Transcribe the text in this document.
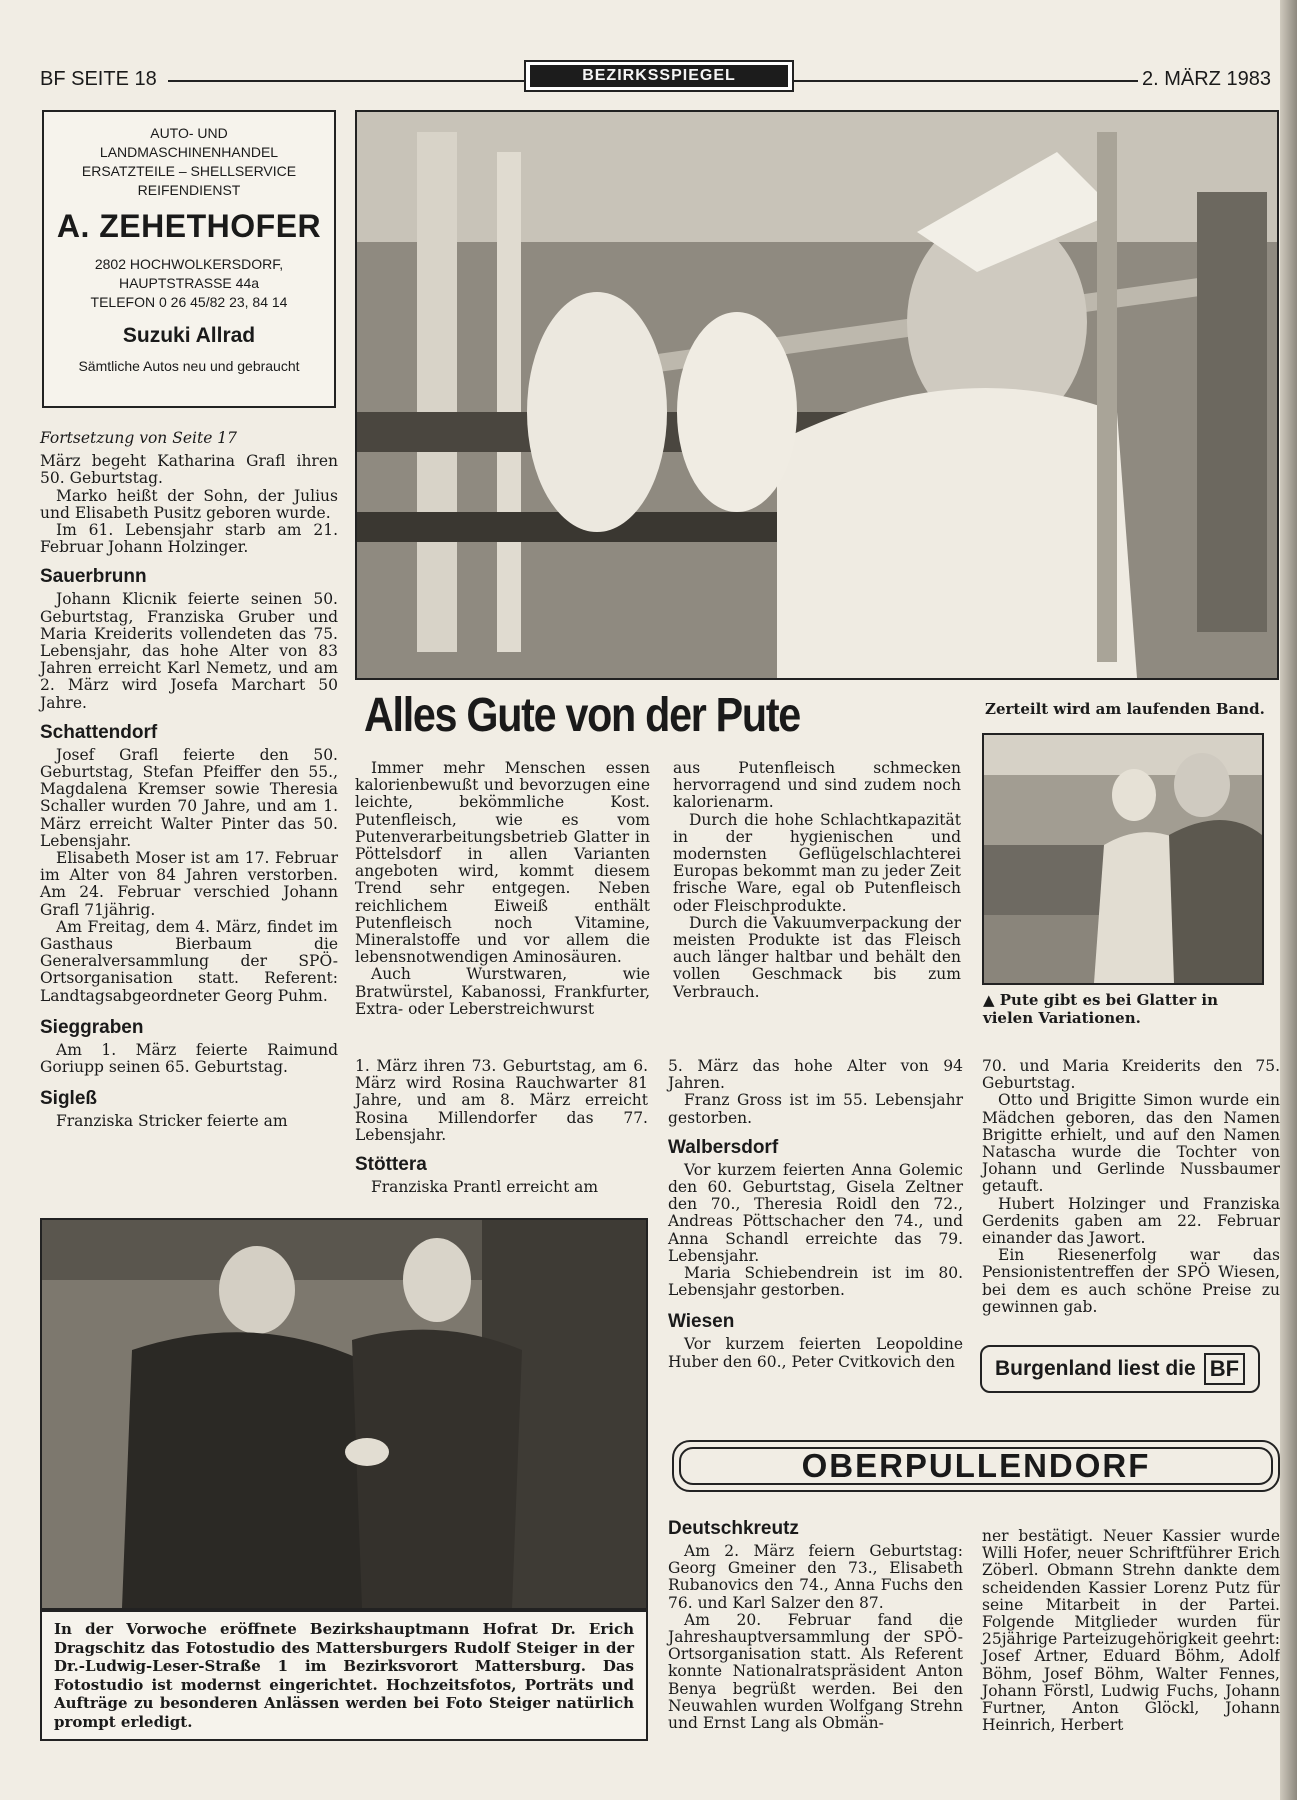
BF SEITE 18	BEZIRKSSPIEGEL	2. MÄRZ 1983
AUTO- UND
LANDMASCHINENHANDEL
ERSATZTEILE – SHELLSERVICE
REIFENDIENST
A. ZEHETHOFER
2802 HOCHWOLKERSDORF,
HAUPTSTRASSE 44a
TELEFON 0 26 45/82 23, 84 14
Suzuki Allrad
Sämtliche Autos neu und gebraucht

Fortsetzung von Seite 17

März begeht Katharina Grafl ihren 50. Geburtstag.

Marko heißt der Sohn, der Julius und Elisabeth Pusitz geboren wurde.

Im 61. Lebensjahr starb am 21. Februar Johann Holzinger.

Sauerbrunn

Johann Klicnik feierte seinen 50. Geburtstag, Franziska Gruber und Maria Kreiderits vollendeten das 75. Lebensjahr, das hohe Alter von 83 Jahren erreicht Karl Nemetz, und am 2. März wird Josefa Marchart 50 Jahre.

Schattendorf

Josef Grafl feierte den 50. Geburtstag, Stefan Pfeiffer den 55., Magdalena Kremser sowie Theresia Schaller wurden 70 Jahre, und am 1. März erreicht Walter Pinter das 50. Lebensjahr.

Elisabeth Moser ist am 17. Februar im Alter von 84 Jahren verstorben. Am 24. Februar verschied Johann Grafl 71jährig.

Am Freitag, dem 4. März, findet im Gasthaus Bierbaum die Generalversammlung der SPÖ-Ortsorganisation statt. Referent: Landtagsabgeordneter Georg Puhm.

Sieggraben

Am 1. März feierte Raimund Goriupp seinen 65. Geburtstag.

Sigleß

Franziska Stricker feierte am

Alles Gute von der Pute

Immer mehr Menschen essen kalorienbewußt und bevorzugen eine leichte, bekömmliche Kost. Putenfleisch, wie es vom Putenverarbeitungsbetrieb Glatter in Pöttelsdorf in allen Varianten angeboten wird, kommt diesem Trend sehr entgegen. Neben reichlichem Eiweiß enthält Putenfleisch noch Vitamine, Mineralstoffe und vor allem die lebensnotwendigen Aminosäuren.

Auch Wurstwaren, wie Bratwürstel, Kabanossi, Frankfurter, Extra- oder Leberstreichwurst

aus Putenfleisch schmecken hervorragend und sind zudem noch kalorienarm.

Durch die hohe Schlachtkapazität in der hygienischen und modernsten Geflügelschlachterei Europas bekommt man zu jeder Zeit frische Ware, egal ob Putenfleisch oder Fleischprodukte.

Durch die Vakuumverpackung der meisten Produkte ist das Fleisch auch länger haltbar und behält den vollen Geschmack bis zum Verbrauch.

Zerteilt wird am laufenden Band.
▲ Pute gibt es bei Glatter in vielen Variationen.

1. März ihren 73. Geburtstag, am 6. März wird Rosina Rauchwarter 81 Jahre, und am 8. März erreicht Rosina Millendorfer das 77. Lebensjahr.

Stöttera

Franziska Prantl erreicht am

5. März das hohe Alter von 94 Jahren.

Franz Gross ist im 55. Lebensjahr gestorben.

Walbersdorf

Vor kurzem feierten Anna Golemic den 60. Geburtstag, Gisela Zeltner den 70., Theresia Roidl den 72., Andreas Pöttschacher den 74., und Anna Schandl erreichte das 79. Lebensjahr.

Maria Schiebendrein ist im 80. Lebensjahr gestorben.

Wiesen

Vor kurzem feierten Leopoldine Huber den 60., Peter Cvitkovich den

70. und Maria Kreiderits den 75. Geburtstag.

Otto und Brigitte Simon wurde ein Mädchen geboren, das den Namen Brigitte erhielt, und auf den Namen Natascha wurde die Tochter von Johann und Gerlinde Nussbaumer getauft.

Hubert Holzinger und Franziska Gerdenits gaben am 22. Februar einander das Jawort.

Ein Riesenerfolg war das Pensionistentreffen der SPÖ Wiesen, bei dem es auch schöne Preise zu gewinnen gab.

Burgenland liest die BF
In der Vorwoche eröffnete Bezirkshauptmann Hofrat Dr. Erich Dragschitz das Fotostudio des Mattersburgers Rudolf Steiger in der Dr.-Ludwig-Leser-Straße 1 im Bezirksvorort Mattersburg. Das Fotostudio ist modernst eingerichtet. Hochzeitsfotos, Porträts und Aufträge zu besonderen Anlässen werden bei Foto Steiger natürlich prompt erledigt.
OBERPULLENDORF
Deutschkreutz

Am 2. März feiern Geburtstag: Georg Gmeiner den 73., Elisabeth Rubanovics den 74., Anna Fuchs den 76. und Karl Salzer den 87.

Am 20. Februar fand die Jahreshauptversammlung der SPÖ-Ortsorganisation statt. Als Referent konnte Nationalratspräsident Anton Benya begrüßt werden. Bei den Neuwahlen wurden Wolfgang Strehn und Ernst Lang als Obmän-

ner bestätigt. Neuer Kassier wurde Willi Hofer, neuer Schriftführer Erich Zöberl. Obmann Strehn dankte dem scheidenden Kassier Lorenz Putz für seine Mitarbeit in der Partei. Folgende Mitglieder wurden für 25jährige Parteizugehörigkeit geehrt: Josef Artner, Eduard Böhm, Adolf Böhm, Josef Böhm, Walter Fennes, Johann Förstl, Ludwig Fuchs, Johann Furtner, Anton Glöckl, Johann Heinrich, Herbert
